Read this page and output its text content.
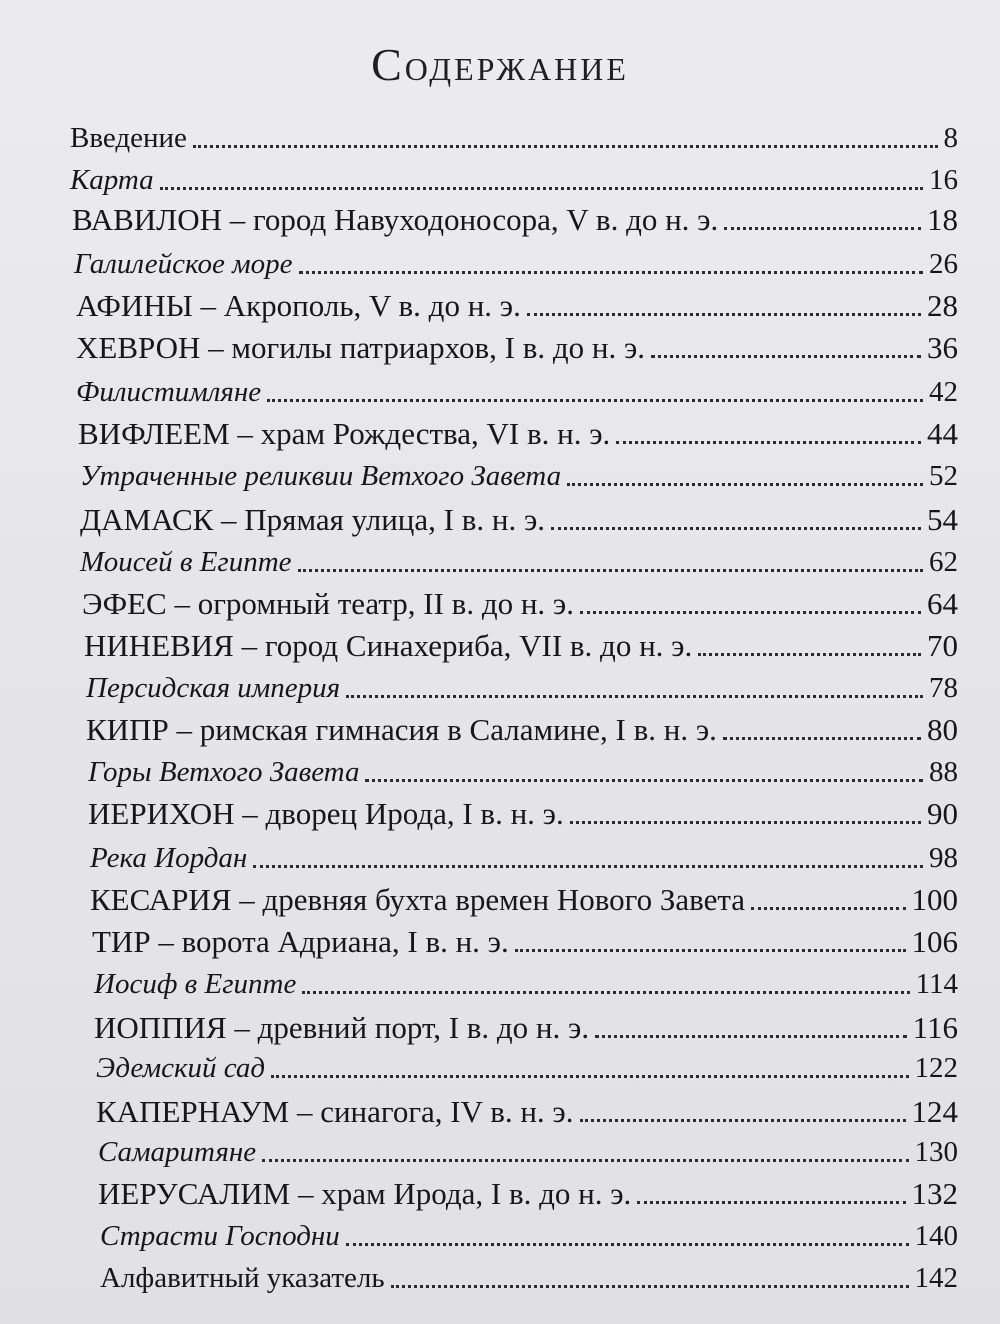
Содержание
Введение	8
Карта	16
ВАВИЛОН – город Навуходоносора, V в. до н. э.	18
Галилейское море	26
АФИНЫ – Акрополь, V в. до н. э.	28
ХЕВРОН – могилы патриархов, I в. до н. э.	36
Филистимляне	42
ВИФЛЕЕМ – храм Рождества, VI в. н. э.	44
Утраченные реликвии Ветхого Завета	52
ДАМАСК – Прямая улица, I в. н. э.	54
Моисей в Египте	62
ЭФЕС – огромный театр, II в. до н. э.	64
НИНЕВИЯ – город Синахериба, VII в. до н. э.	70
Персидская империя	78
КИПР – римская гимнасия в Саламине, I в. н. э.	80
Горы Ветхого Завета	88
ИЕРИХОН – дворец Ирода, I в. н. э.	90
Река Иордан	98
КЕСАРИЯ – древняя бухта времен Нового Завета	100
ТИР – ворота Адриана, I в. н. э.	106
Иосиф в Египте	114
ИОППИЯ – древний порт, I в. до н. э.	116
Эдемский сад	122
КАПЕРНАУМ – синагога, IV в. н. э.	124
Самаритяне	130
ИЕРУСАЛИМ – храм Ирода, I в. до н. э.	132
Страсти Господни	140
Алфавитный указатель	142
